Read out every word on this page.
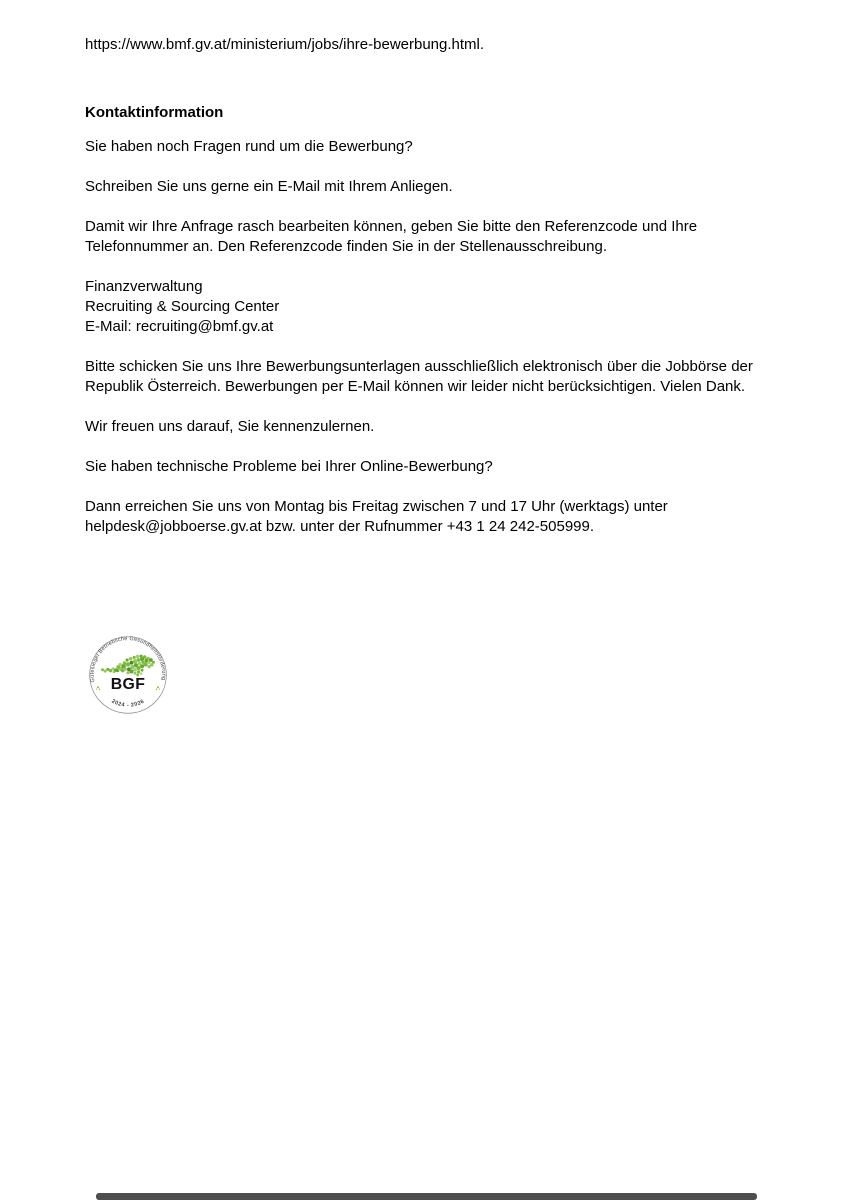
https://www.bmf.gv.at/ministerium/jobs/ihre-bewerbung.html.

Kontaktinformation

Sie haben noch Fragen rund um die Bewerbung?

Schreiben Sie uns gerne ein E-Mail mit Ihrem Anliegen.

Damit wir Ihre Anfrage rasch bearbeiten können, geben Sie bitte den Referenzcode und Ihre Telefonnummer an. Den Referenzcode finden Sie in der Stellenausschreibung.

Finanzverwaltung
Recruiting & Sourcing Center
E-Mail: recruiting@bmf.gv.at

Bitte schicken Sie uns Ihre Bewerbungsunterlagen ausschließlich elektronisch über die Jobbörse der Republik Österreich. Bewerbungen per E-Mail können wir leider nicht berücksichtigen. Vielen Dank.

Wir freuen uns darauf, Sie kennenzulernen.

Sie haben technische Probleme bei Ihrer Online-Bewerbung?

Dann erreichen Sie uns von Montag bis Freitag zwischen 7 und 17 Uhr (werktags) unter helpdesk@jobboerse.gv.at bzw. unter der Rufnummer +43 1 24 242-505999.

Gütesiegel Betriebliche Gesundheitsförderung
BGF
2024 - 2026
